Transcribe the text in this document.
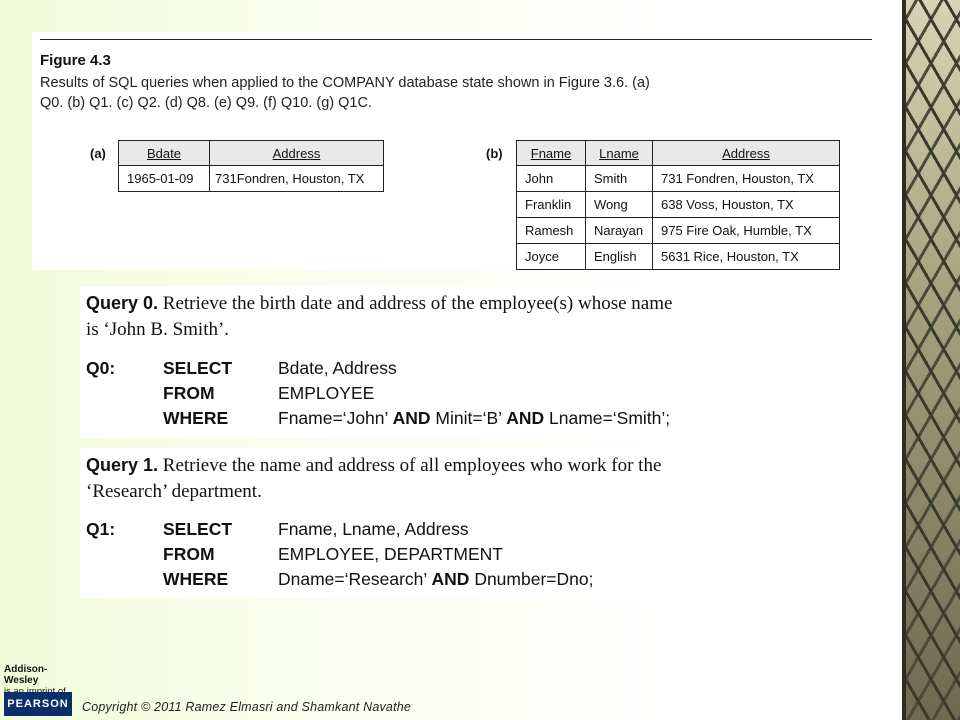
Figure 4.3
Results of SQL queries when applied to the COMPANY database state shown in Figure 3.6. (a) Q0. (b) Q1. (c) Q2. (d) Q8. (e) Q9. (f) Q10. (g) Q1C.
(a)	Bdate	Address
1965-01-09	731Fondren, Houston, TX
(b) Fname	Lname	Address
John	Smith	731 Fondren, Houston, TX
Franklin	Wong	638 Voss, Houston, TX
Ramesh	Narayan	975 Fire Oak, Humble, TX
Joyce	English	5631 Rice, Houston, TX
Query 0. Retrieve the birth date and address of the employee(s) whose name
is ‘John B. Smith’.
Q0:	SELECT	Bdate, Address
FROM	EMPLOYEE
WHERE	Fname=‘John’ AND Minit=‘B’ AND Lname=‘Smith’;
Query 1. Retrieve the name and address of all employees who work for the
‘Research’ department.
Q1:	SELECT	Fname, Lname, Address
FROM	EMPLOYEE, DEPARTMENT
WHERE	Dname=‘Research’ AND Dnumber=Dno;
Addison-Wesley
PEARSON Copyright © 2011 Ramez Elmasri and Shamkant Navathe
